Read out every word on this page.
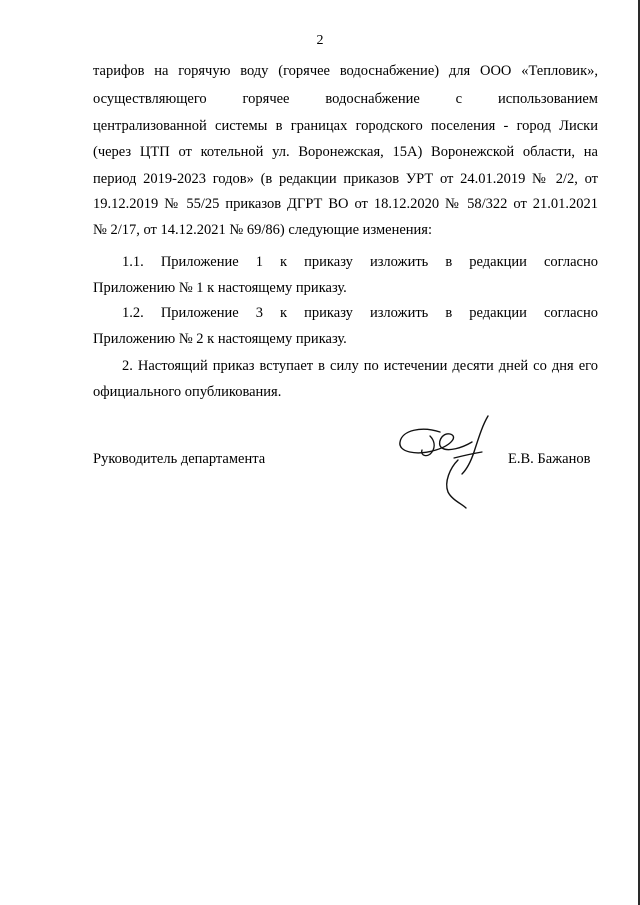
2
тарифов на горячую воду (горячее водоснабжение) для ООО «Тепловик»,
осуществляющего горячее водоснабжение с использованием
централизованной системы в границах городского поселения - город Лиски
(через ЦТП от котельной ул. Воронежская, 15А) Воронежской области, на
период 2019-2023 годов» (в редакции приказов УРТ от 24.01.2019 № 2/2, от
19.12.2019 № 55/25 приказов ДГРТ ВО от 18.12.2020 № 58/322 от 21.01.2021
№ 2/17, от 14.12.2021 № 69/86) следующие изменения:
1.1. Приложение 1 к приказу изложить в редакции согласно
Приложению № 1 к настоящему приказу.
1.2. Приложение 3 к приказу изложить в редакции согласно
Приложению № 2 к настоящему приказу.
2. Настоящий приказ вступает в силу по истечении десяти дней со дня его
официального опубликования.
Руководитель департамента	Е.В. Бажанов
